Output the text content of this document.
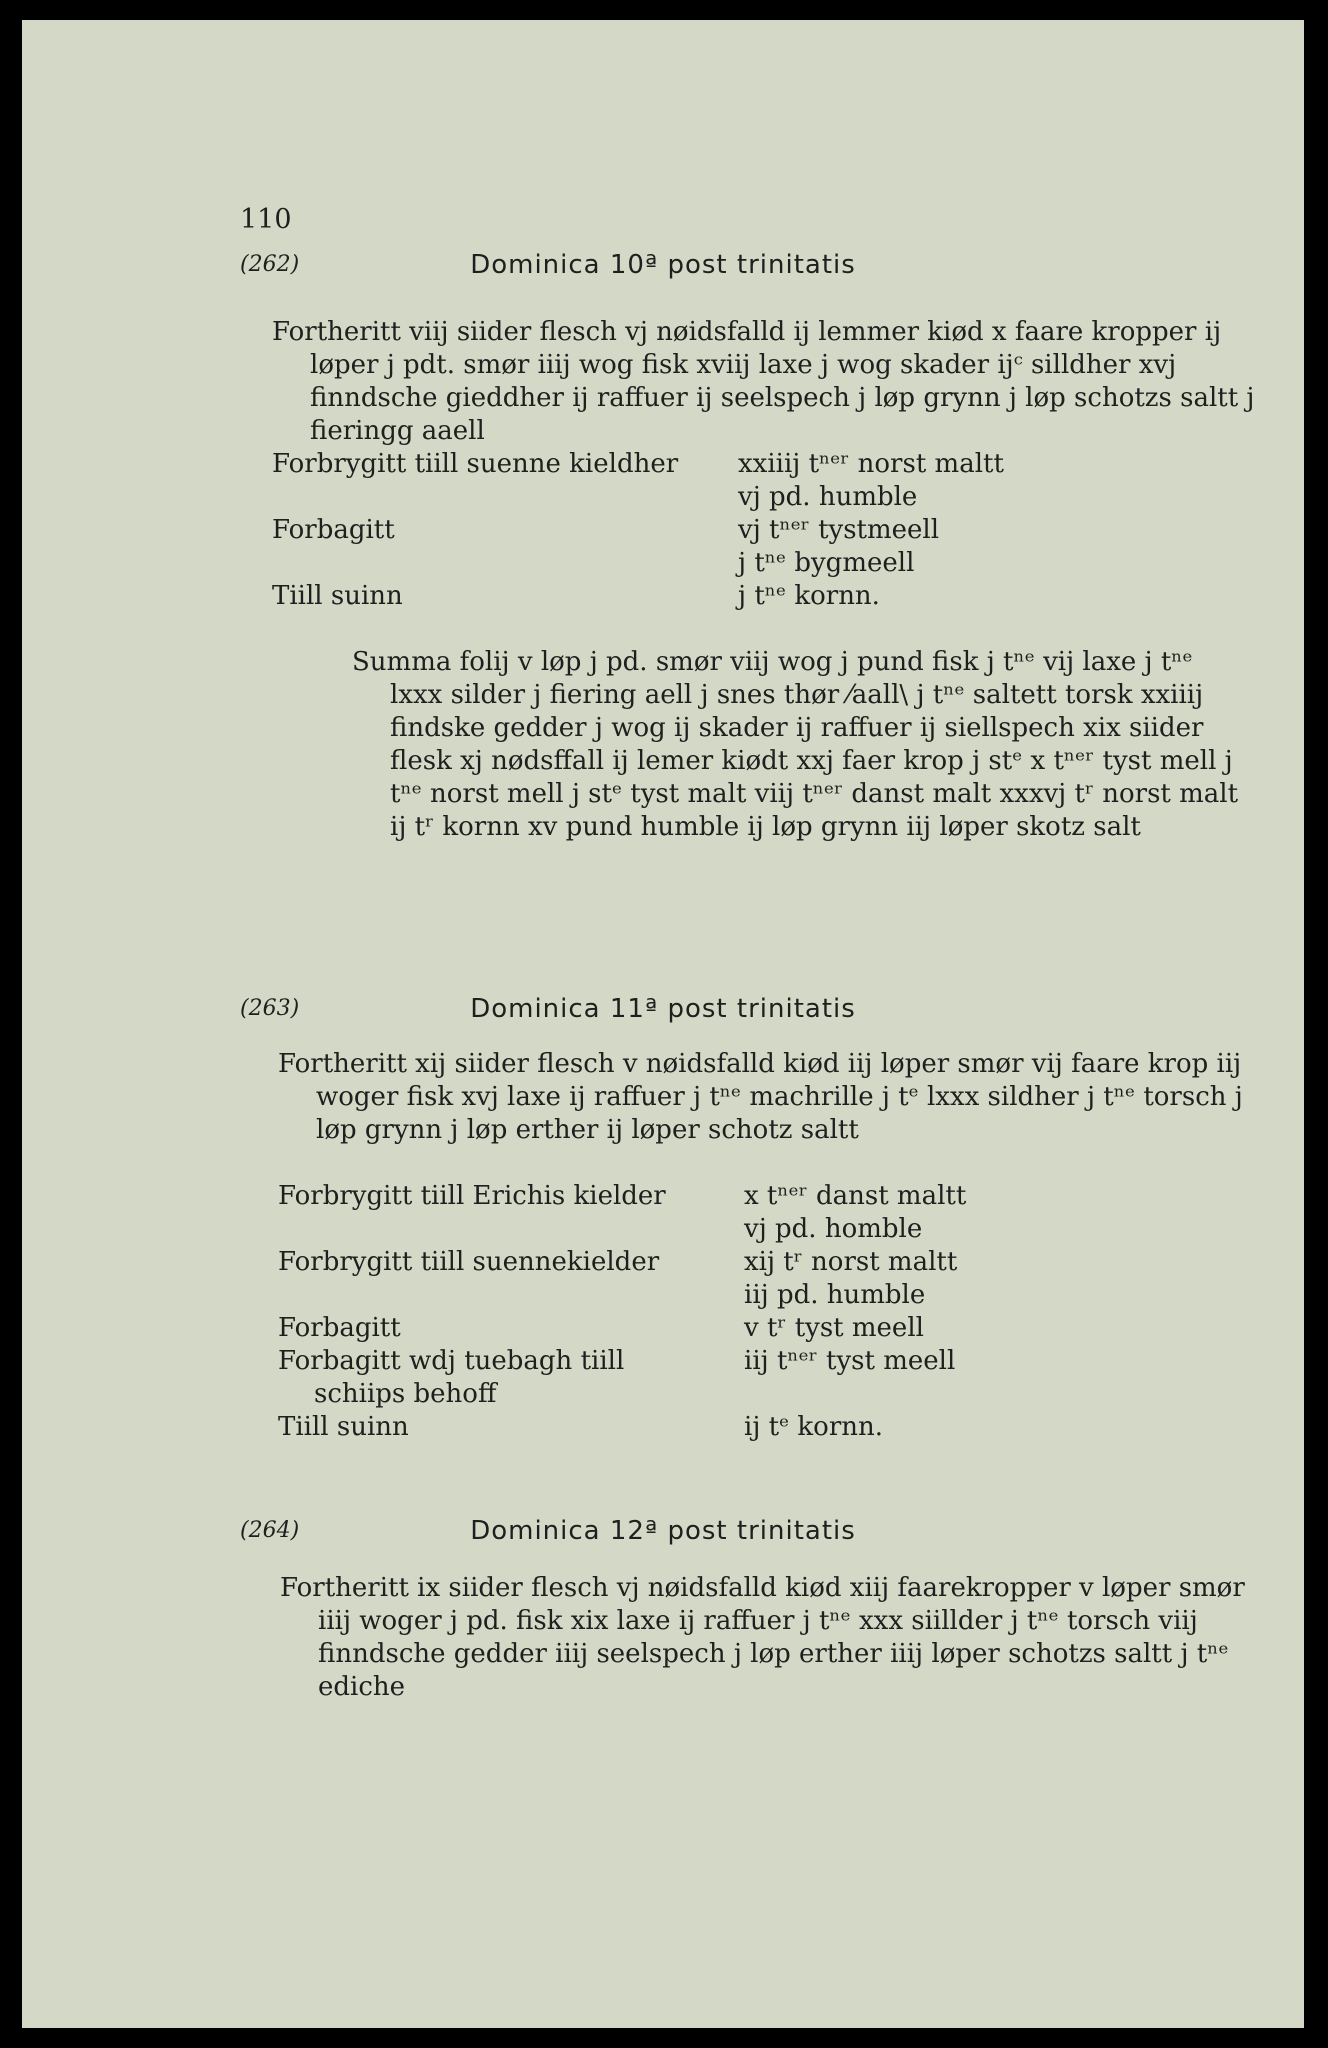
110
(262)	Dominica 10ª post trinitatis

Fortheritt viij siider flesch vj nøidsfalld ij lemmer kiød x faare kropper ij løper j pdt. smør iiij wog fisk xviij laxe j wog skader ijᶜ silldher xvj finndsche gieddher ij raffuer ij seelspech j løp grynn j løp schotzs saltt j fieringg aaell

Forbrygitt tiill suenne kieldher xxiiij tⁿᵉʳ norst maltt
vj pd. humble
Forbagitt	vj tⁿᵉʳ tystmeell
j tⁿᵉ bygmeell
Tiill suinn	j tⁿᵉ kornn.

Summa folij v løp j pd. smør viij wog j pund fisk j tⁿᵉ vij laxe j tⁿᵉ lxxx silder j fiering aell j snes thør ⁄aall\ j tⁿᵉ saltett torsk xxiiij findske gedder j wog ij skader ij raffuer ij siellspech xix siider flesk xj nødsffall ij lemer kiødt xxj faer krop j stᵉ x tⁿᵉʳ tyst mell j tⁿᵉ norst mell j stᵉ tyst malt viij tⁿᵉʳ danst malt xxxvj tʳ norst malt ij tʳ kornn xv pund humble ij løp grynn iij løper skotz salt

(263)	Dominica 11ª post trinitatis

Fortheritt xij siider flesch v nøidsfalld kiød iij løper smør vij faare krop iij woger fisk xvj laxe ij raffuer j tⁿᵉ machrille j tᵉ lxxx sildher j tⁿᵉ torsch j løp grynn j løp erther ij løper schotz saltt

Forbrygitt tiill Erichis kielder	x tⁿᵉʳ danst maltt
vj pd. homble
Forbrygitt tiill suennekielder	xij tʳ norst maltt
iij pd. humble
Forbagitt	v tʳ tyst meell
Forbagitt wdj tuebagh tiill	iij tⁿᵉʳ tyst meell
schiips behoff
Tiill suinn	ij tᵉ kornn.
(264)	Dominica 12ª post trinitatis

Fortheritt ix siider flesch vj nøidsfalld kiød xiij faarekropper v løper smør iiij woger j pd. fisk xix laxe ij raffuer j tⁿᵉ xxx siillder j tⁿᵉ torsch viij finndsche gedder iiij seelspech j løp erther iiij løper schotzs saltt j tⁿᵉ ediche
